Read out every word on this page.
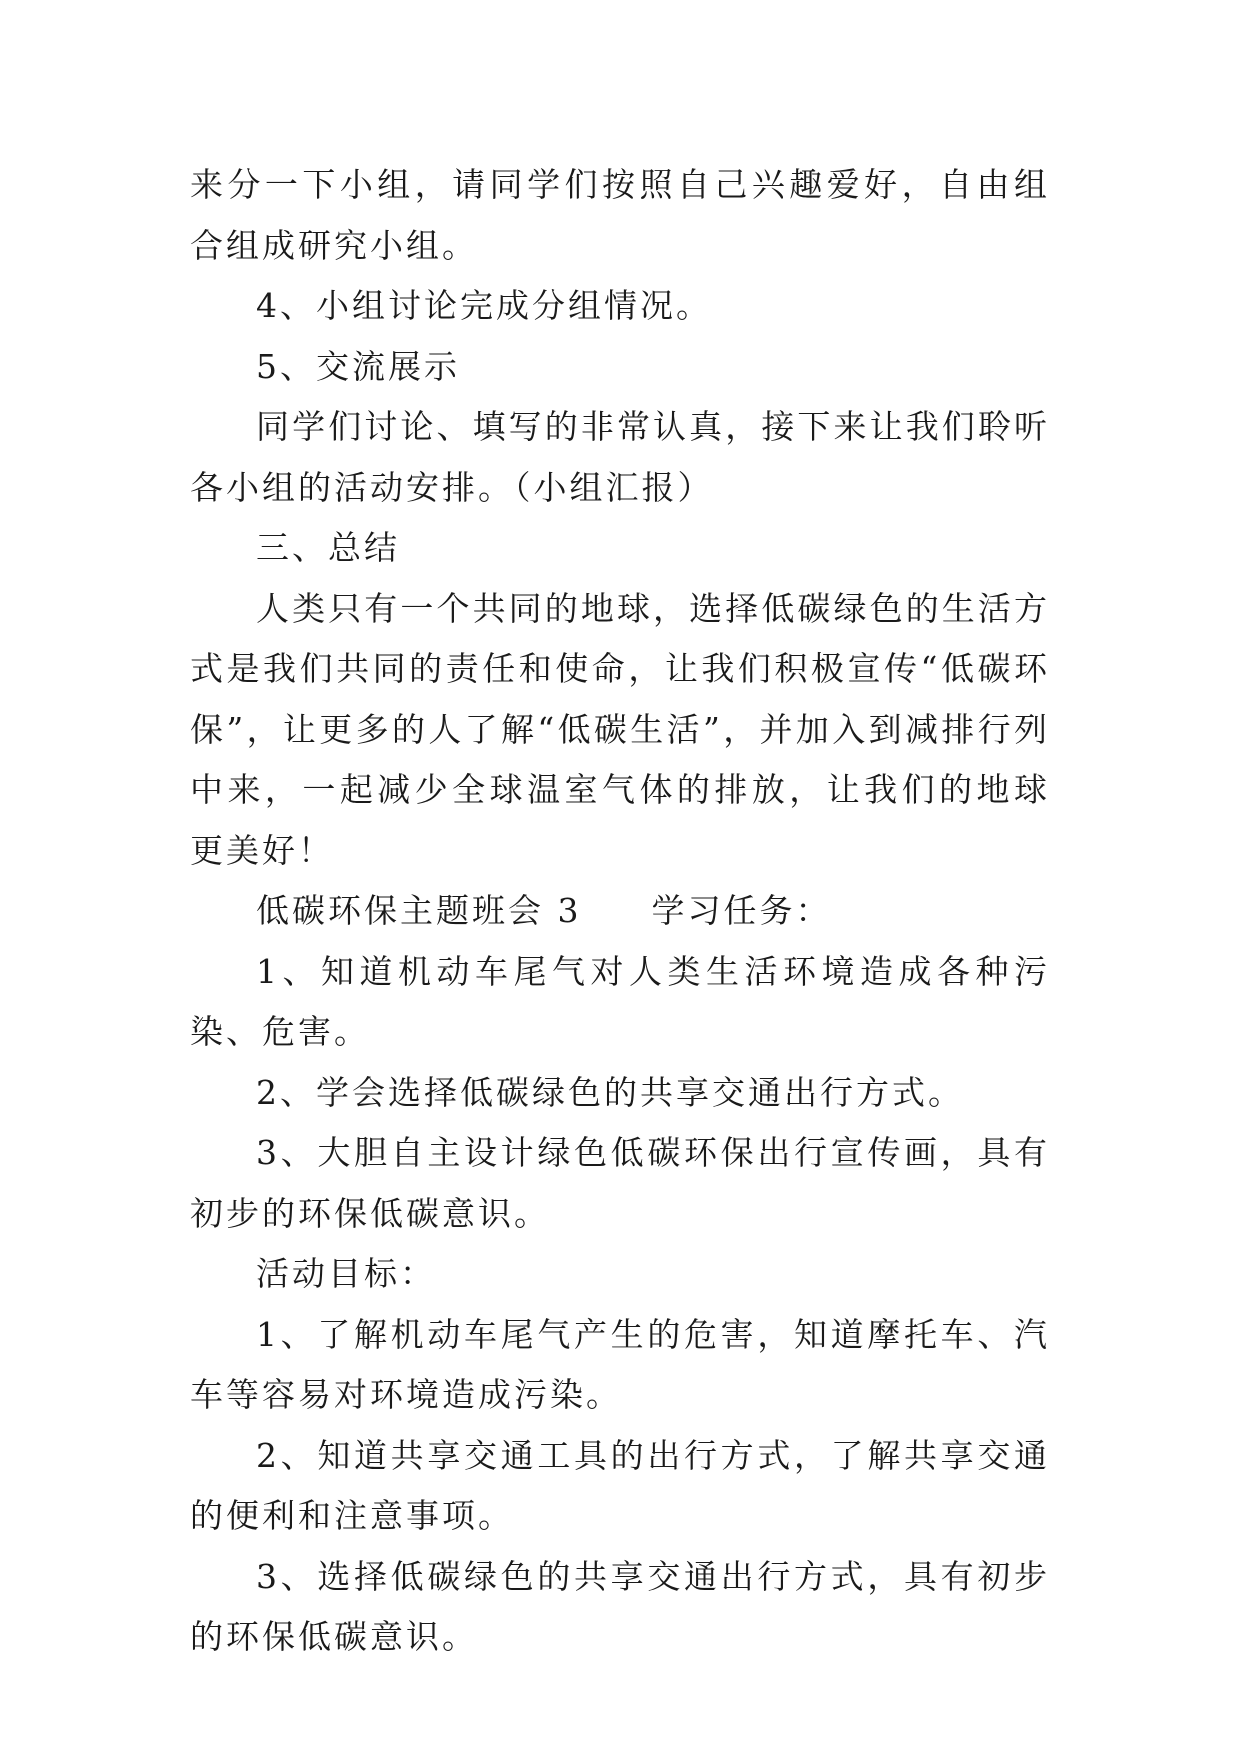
来分一下小组，请同学们按照自己兴趣爱好，自由组合组成研究小组。

4、小组讨论完成分组情况。

5、交流展示

同学们讨论、填写的非常认真，接下来让我们聆听各小组的活动安排。（小组汇报）

三、总结

人类只有一个共同的地球，选择低碳绿色的生活方式是我们共同的责任和使命，让我们积极宣传“低碳环保”，让更多的人了解“低碳生活”，并加入到减排行列中来，一起减少全球温室气体的排放，让我们的地球更美好！

低碳环保主题班会 3 学习任务：

1、知道机动车尾气对人类生活环境造成各种污染、危害。

2、学会选择低碳绿色的共享交通出行方式。

3、大胆自主设计绿色低碳环保出行宣传画，具有初步的环保低碳意识。

活动目标：

1、了解机动车尾气产生的危害，知道摩托车、汽车等容易对环境造成污染。

2、知道共享交通工具的出行方式，了解共享交通的便利和注意事项。

3、选择低碳绿色的共享交通出行方式，具有初步的环保低碳意识。
